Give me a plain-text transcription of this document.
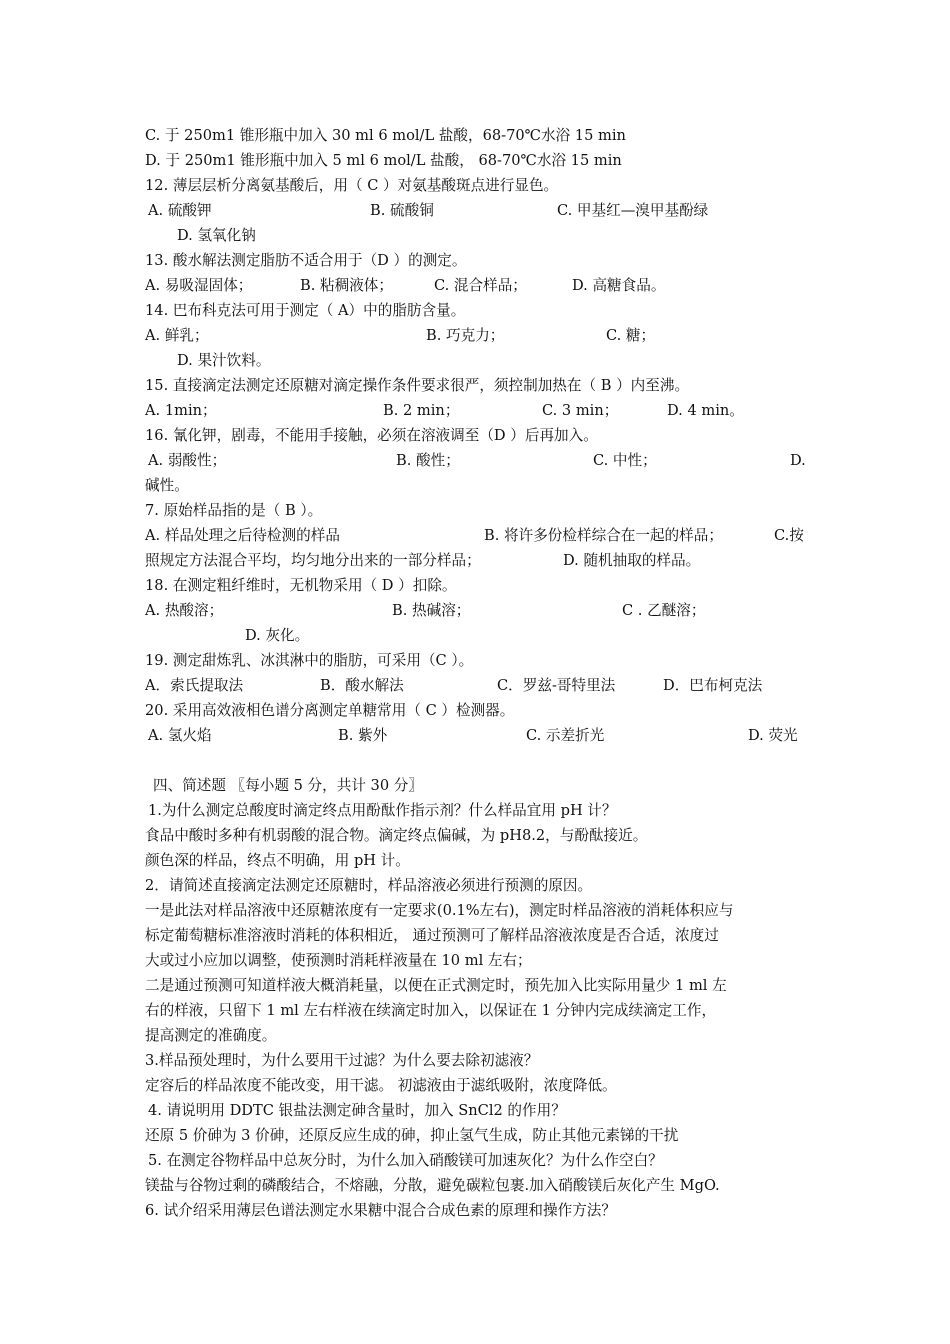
C. 于 250m1 锥形瓶中加入 30 ml 6 mol/L 盐酸，68-70℃水浴 15 min
D. 于 250m1 锥形瓶中加入 5 ml 6 mol/L 盐酸， 68-70℃水浴 15 min
12. 薄层层析分离氨基酸后，用（ C ）对氨基酸斑点进行显色。
A. 硫酸钾	B. 硫酸铜	C. 甲基红—溴甲基酚绿
D. 氢氧化钠
13. 酸水解法测定脂肪不适合用于（D ）的测定。
A. 易吸湿固体；	B. 粘稠液体；	C. 混合样品；	D. 高糖食品。
14. 巴布科克法可用于测定（ A）中的脂肪含量。
A. 鲜乳；	B. 巧克力；	C. 糖；
D. 果汁饮料。
15. 直接滴定法测定还原糖对滴定操作条件要求很严，须控制加热在（ B ）内至沸。
A. 1min；	B. 2 min；	C. 3 min；	D. 4 min。
16. 氰化钾，剧毒，不能用手接触，必须在溶液调至（D ）后再加入。
A. 弱酸性；	B. 酸性；	C. 中性；	D.
碱性。
7. 原始样品指的是（ B ）。
A. 样品处理之后待检测的样品	B. 将许多份检样综合在一起的样品；	C.按
照规定方法混合平均，均匀地分出来的一部分样品；	D. 随机抽取的样品。
18. 在测定粗纤维时，无机物采用（ D ）扣除。
A. 热酸溶；	B. 热碱溶；	C . 乙醚溶；
D. 灰化。
19. 测定甜炼乳、冰淇淋中的脂肪，可采用（C ）。
A．索氏提取法	B．酸水解法	C．罗兹-哥特里法	D．巴布柯克法
20. 采用高效液相色谱分离测定单糖常用（ C ）检测器。
A. 氢火焰	B. 紫外	C. 示差折光	D. 荧光
四、简述题 〖每小题 5 分，共计 30 分〗
1.为什么测定总酸度时滴定终点用酚酞作指示剂？什么样品宜用 pH 计？
食品中酸时多种有机弱酸的混合物。滴定终点偏碱，为 pH8.2，与酚酞接近。
颜色深的样品，终点不明确，用 pH 计。
2．请简述直接滴定法测定还原糖时，样品溶液必须进行预测的原因。
一是此法对样品溶液中还原糖浓度有一定要求(0.1%左右)，测定时样品溶液的消耗体积应与
标定葡萄糖标准溶液时消耗的体积相近， 通过预测可了解样品溶液浓度是否合适，浓度过
大或过小应加以调整，使预测时消耗样液量在 10 ml 左右；
二是通过预测可知道样液大概消耗量，以便在正式测定时，预先加入比实际用量少 1 ml 左
右的样液，只留下 1 ml 左右样液在续滴定时加入，以保证在 1 分钟内完成续滴定工作，
提高测定的准确度。
3.样品预处理时，为什么要用干过滤？为什么要去除初滤液？
定容后的样品浓度不能改变，用干滤。 初滤液由于滤纸吸附，浓度降低。
4. 请说明用 DDTC 银盐法测定砷含量时，加入 SnCl2 的作用？
还原 5 价砷为 3 价砷，还原反应生成的砷，抑止氢气生成，防止其他元素锑的干扰
5. 在测定谷物样品中总灰分时，为什么加入硝酸镁可加速灰化？为什么作空白？
镁盐与谷物过剩的磷酸结合，不熔融，分散，避免碳粒包裹.加入硝酸镁后灰化产生 MgO.
6. 试介绍采用薄层色谱法测定水果糖中混合合成色素的原理和操作方法？
